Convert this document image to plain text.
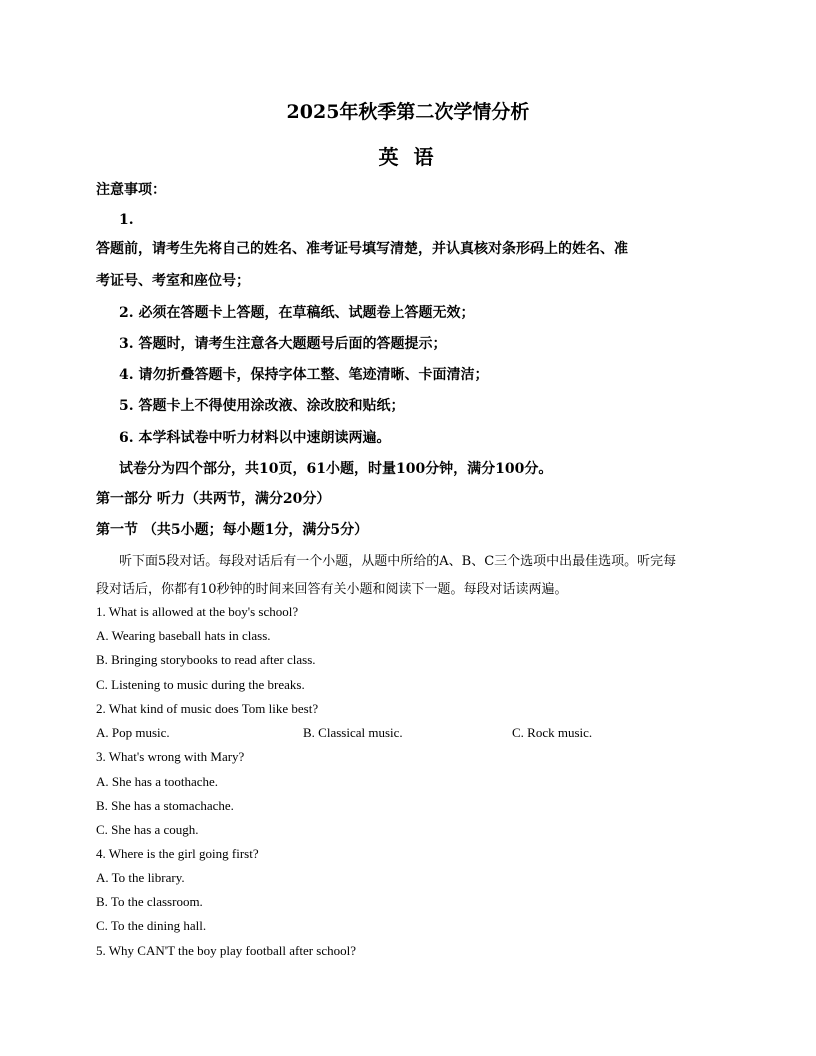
2025年秋季第二次学情分析
英 语
注意事项：
1.
答题前，请考生先将自己的姓名、准考证号填写清楚，并认真核对条形码上的姓名、准
考证号、考室和座位号；
2. 必须在答题卡上答题，在草稿纸、试题卷上答题无效；
3. 答题时，请考生注意各大题题号后面的答题提示；
4. 请勿折叠答题卡，保持字体工整、笔迹清晰、卡面清洁；
5. 答题卡上不得使用涂改液、涂改胶和贴纸；
6. 本学科试卷中听力材料以中速朗读两遍。
试卷分为四个部分，共10页，61小题，时量100分钟，满分100分。
第一部分 听力（共两节，满分20分）
第一节 （共5小题；每小题1分，满分5分）
听下面5段对话。每段对话后有一个小题，从题中所给的A、B、C三个选项中出最佳选项。听完每
段对话后，你都有10秒钟的时间来回答有关小题和阅读下一题。每段对话读两遍。
1. What is allowed at the boy's school?
A. Wearing baseball hats in class.
B. Bringing storybooks to read after class.
C. Listening to music during the breaks.
2. What kind of music does Tom like best?
A. Pop music.	B. Classical music.	C. Rock music.
3. What's wrong with Mary?
A. She has a toothache.
B. She has a stomachache.
C. She has a cough.
4. Where is the girl going first?
A. To the library.
B. To the classroom.
C. To the dining hall.
5. Why CAN'T the boy play football after school?
